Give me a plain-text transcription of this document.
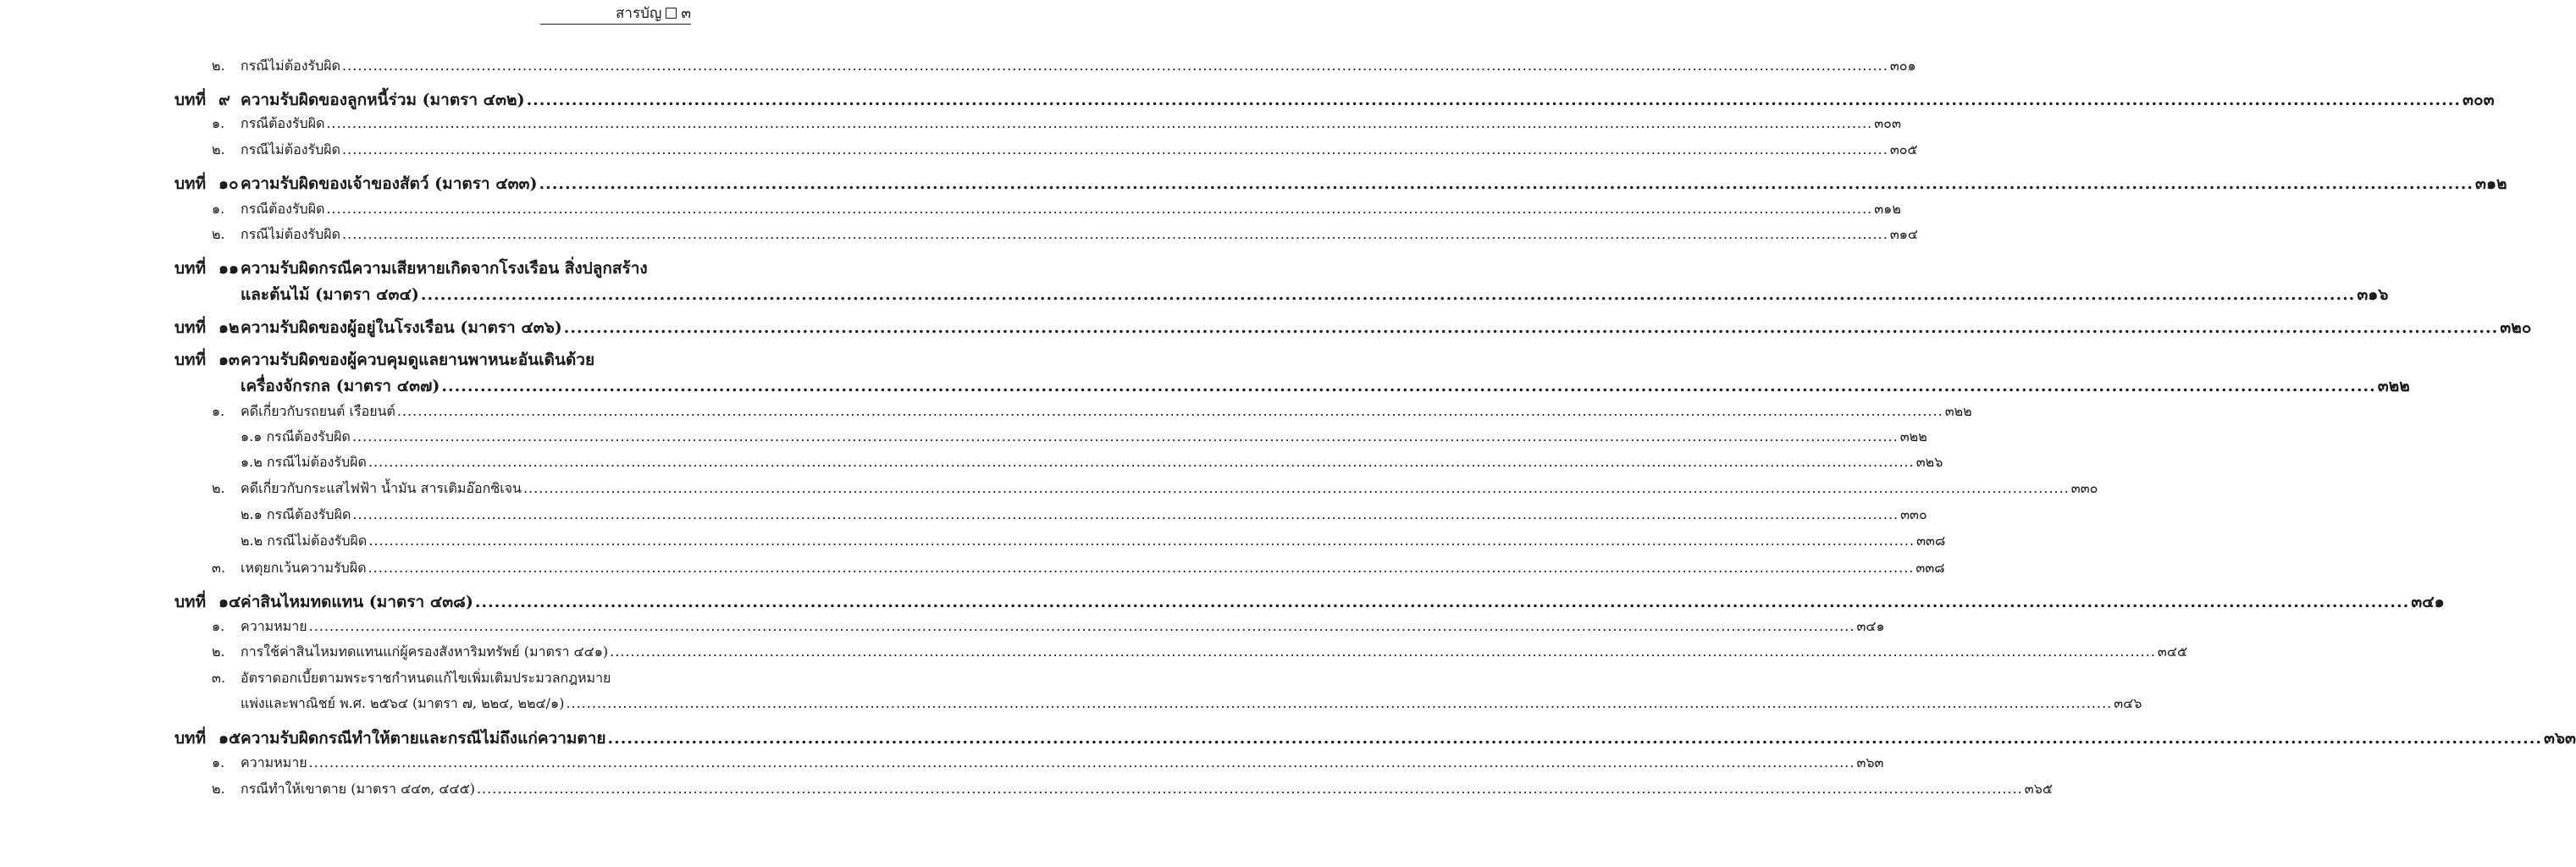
สารบัญ ๓
๒. กรณีไม่ต้องรับผิด ............................................................................................................................................................................................................................................................................................................ ๓๐๑
บทที่ ๙ ความรับผิดของลูกหนี้ร่วม (มาตรา ๔๓๒) ............................................................................................................................................................................................................................................................................................................ ๓๐๓
๑. กรณีต้องรับผิด ............................................................................................................................................................................................................................................................................................................ ๓๐๓
๒. กรณีไม่ต้องรับผิด ............................................................................................................................................................................................................................................................................................................ ๓๐๕
บทที่ ๑๐ ความรับผิดของเจ้าของสัตว์ (มาตรา ๔๓๓) ............................................................................................................................................................................................................................................................................................................ ๓๑๒
๑. กรณีต้องรับผิด ............................................................................................................................................................................................................................................................................................................ ๓๑๒
๒. กรณีไม่ต้องรับผิด ............................................................................................................................................................................................................................................................................................................ ๓๑๔
บทที่ ๑๑ ความรับผิดกรณีความเสียหายเกิดจากโรงเรือน สิ่งปลูกสร้าง
และต้นไม้ (มาตรา ๔๓๔) ............................................................................................................................................................................................................................................................................................................ ๓๑๖
บทที่ ๑๒ ความรับผิดของผู้อยู่ในโรงเรือน (มาตรา ๔๓๖) ............................................................................................................................................................................................................................................................................................................ ๓๒๐
บทที่ ๑๓ ความรับผิดของผู้ควบคุมดูแลยานพาหนะอันเดินด้วย
เครื่องจักรกล (มาตรา ๔๓๗) ............................................................................................................................................................................................................................................................................................................ ๓๒๒
๑. คดีเกี่ยวกับรถยนต์ เรือยนต์ ............................................................................................................................................................................................................................................................................................................ ๓๒๒
๑.๑ กรณีต้องรับผิด ............................................................................................................................................................................................................................................................................................................ ๓๒๒
๑.๒ กรณีไม่ต้องรับผิด ............................................................................................................................................................................................................................................................................................................ ๓๒๖
๒. คดีเกี่ยวกับกระแสไฟฟ้า น้ำมัน สารเติมอ๊อกซิเจน ............................................................................................................................................................................................................................................................................................................ ๓๓๐
๒.๑ กรณีต้องรับผิด ............................................................................................................................................................................................................................................................................................................ ๓๓๐
๒.๒ กรณีไม่ต้องรับผิด ............................................................................................................................................................................................................................................................................................................ ๓๓๘
๓. เหตุยกเว้นความรับผิด ............................................................................................................................................................................................................................................................................................................ ๓๓๘
บทที่ ๑๔ ค่าสินไหมทดแทน (มาตรา ๔๓๘) ............................................................................................................................................................................................................................................................................................................ ๓๔๑
๑. ความหมาย ............................................................................................................................................................................................................................................................................................................ ๓๔๑
๒. การใช้ค่าสินไหมทดแทนแก่ผู้ครองสังหาริมทรัพย์ (มาตรา ๔๔๑) ............................................................................................................................................................................................................................................................................................................ ๓๔๕
๓. อัตราดอกเบี้ยตามพระราชกำหนดแก้ไขเพิ่มเติมประมวลกฎหมาย
แพ่งและพาณิชย์ พ.ศ. ๒๕๖๔ (มาตรา ๗, ๒๒๔, ๒๒๔/๑) ............................................................................................................................................................................................................................................................................................................ ๓๔๖
บทที่ ๑๕ ความรับผิดกรณีทำให้ตายและกรณีไม่ถึงแก่ความตาย ............................................................................................................................................................................................................................................................................................................ ๓๖๓
๑. ความหมาย ............................................................................................................................................................................................................................................................................................................ ๓๖๓
๒. กรณีทำให้เขาตาย (มาตรา ๔๔๓, ๔๔๕) ............................................................................................................................................................................................................................................................................................................ ๓๖๕
